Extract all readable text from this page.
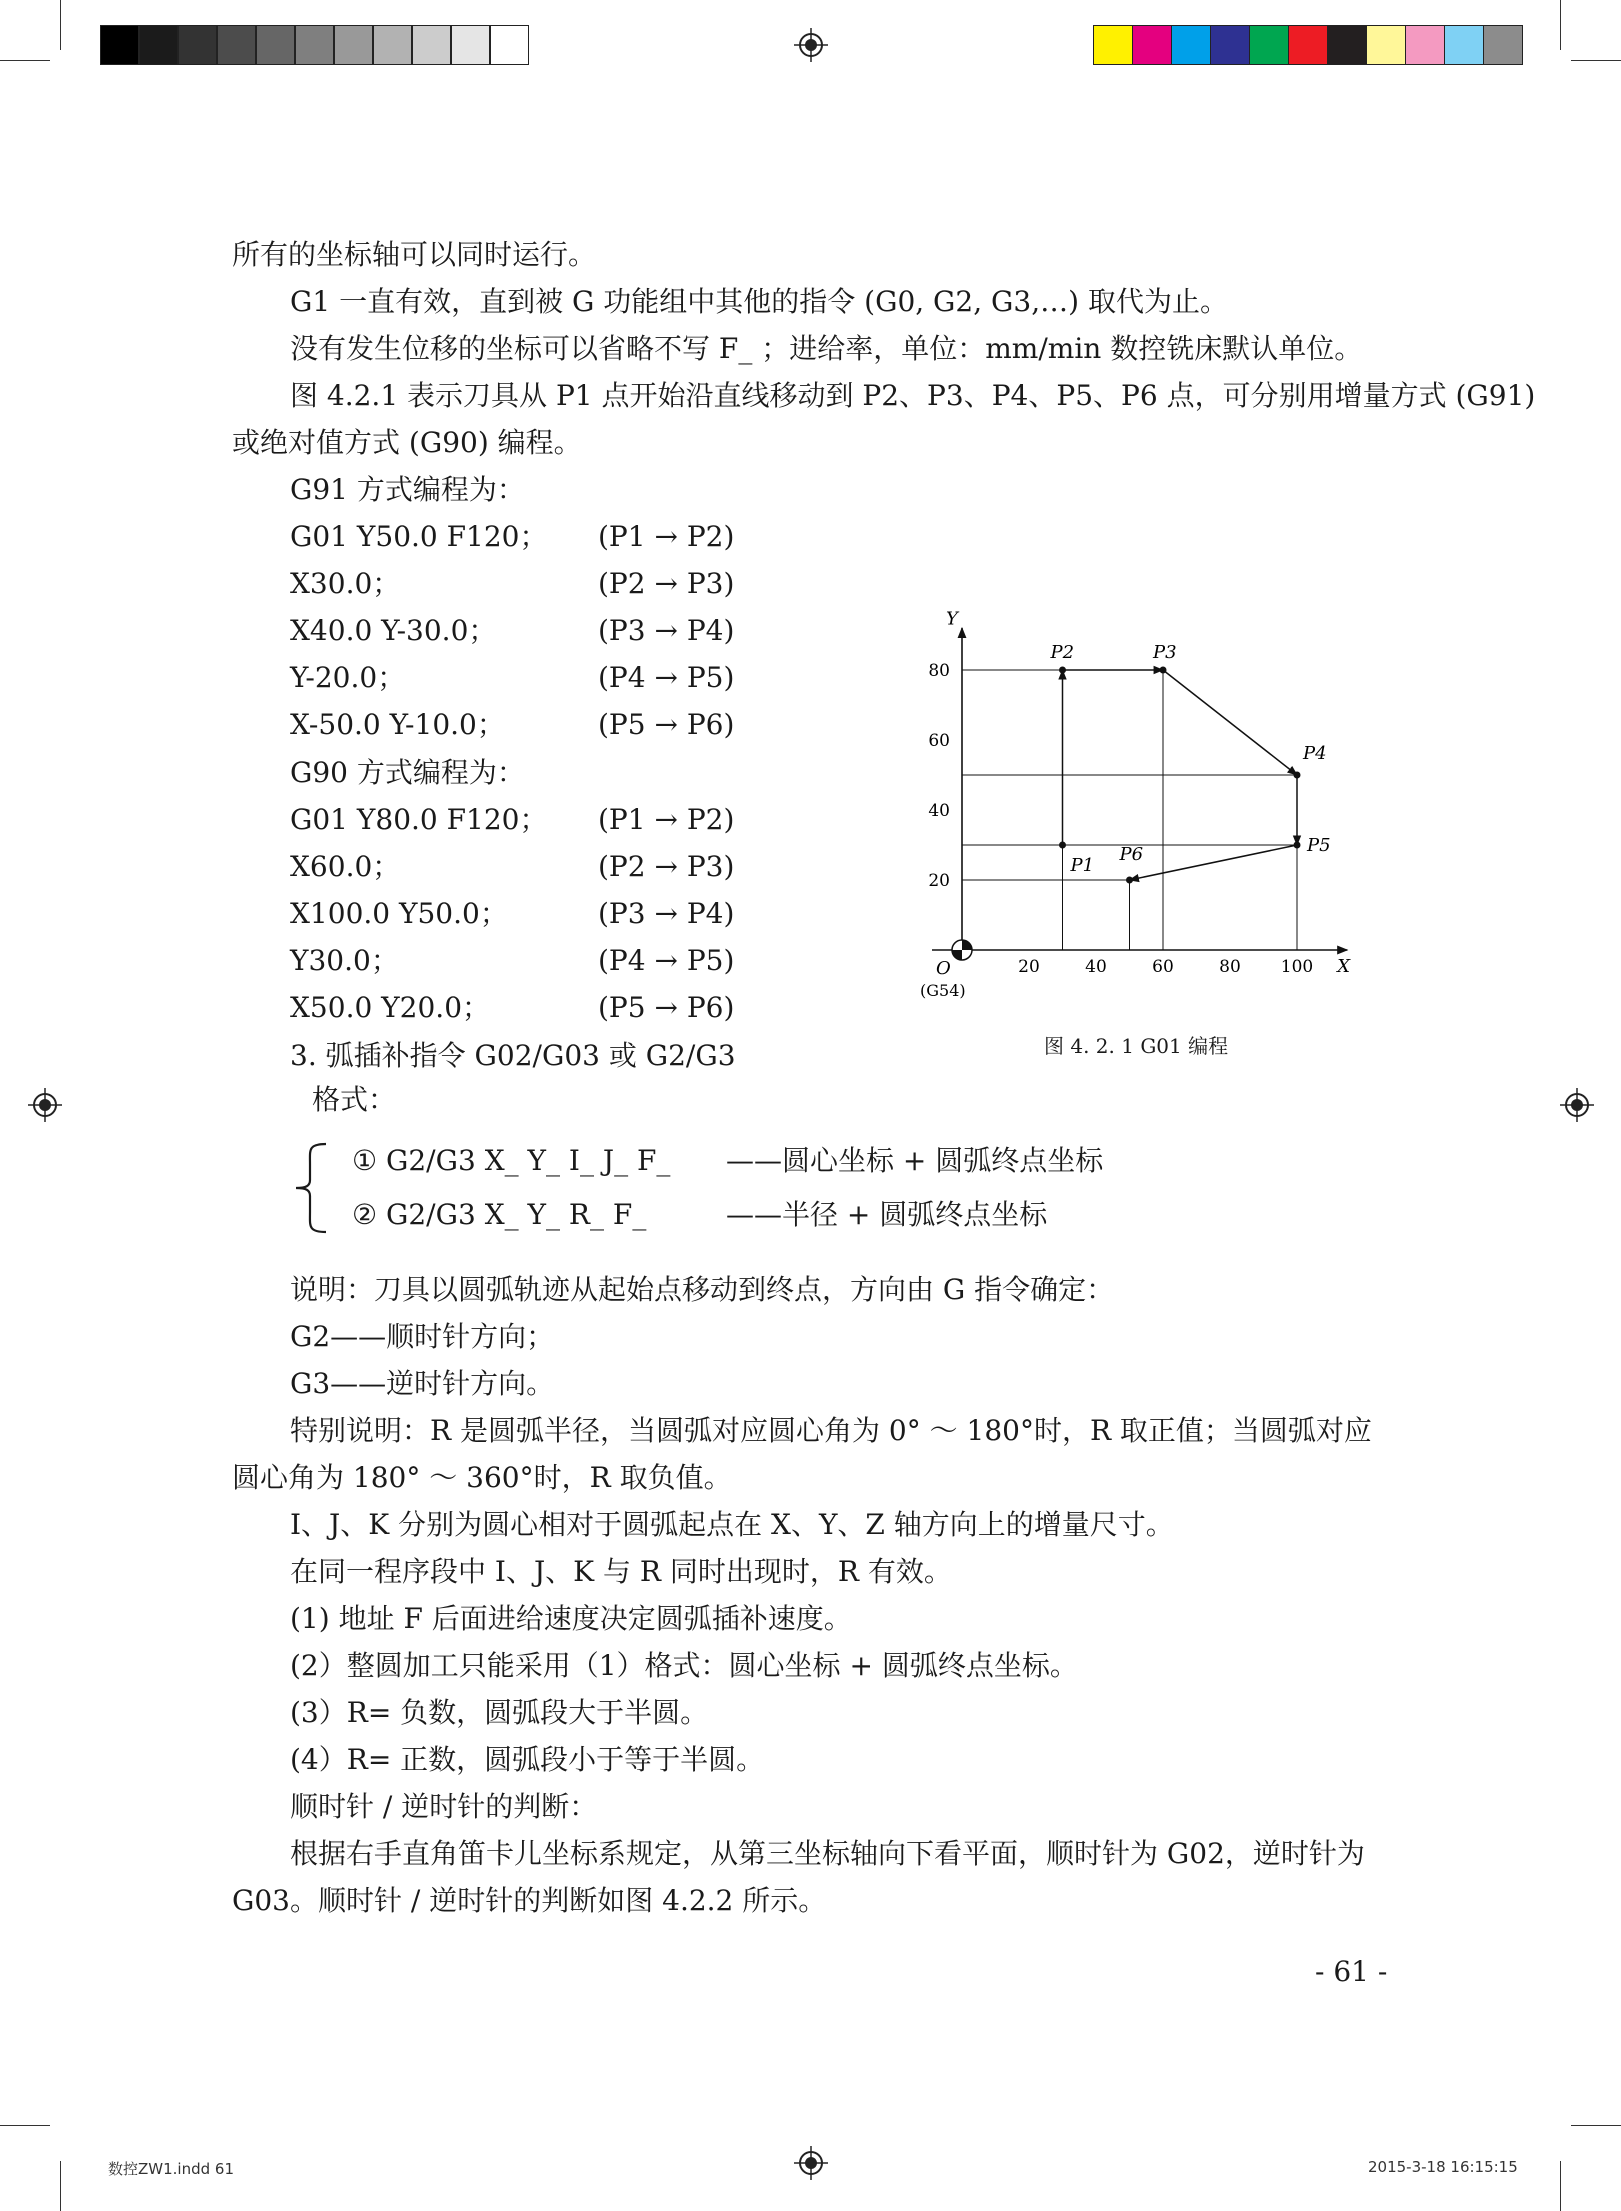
所有的坐标轴可以同时运行。
G1 一直有效，直到被 G 功能组中其他的指令 (G0, G2, G3,…) 取代为止。
没有发生位移的坐标可以省略不写 F_ ；进给率，单位：mm/min 数控铣床默认单位。
图 4.2.1 表示刀具从 P1 点开始沿直线移动到 P2、P3、P4、P5、P6 点，可分别用增量方式 (G91)
或绝对值方式 (G90) 编程。
G91 方式编程为：
G01 Y50.0 F120； (P1 → P2)
X30.0；	(P2 → P3)
X40.0 Y-30.0；	(P3 → P4)
Y-20.0；	(P4 → P5)
X-50.0 Y-10.0；	(P5 → P6)
G90 方式编程为：
G01 Y80.0 F120； (P1 → P2)
X60.0；	(P2 → P3)
X100.0 Y50.0；	(P3 → P4)
Y30.0；	(P4 → P5)
X50.0 Y20.0；	(P5 → P6)
3. 弧插补指令 G02/G03 或 G2/G3
格式：
① G2/G3 X_ Y_ I_ J_ F_ ——圆心坐标 + 圆弧终点坐标
② G2/G3 X_ Y_ R_ F_	——半径 + 圆弧终点坐标
说明：刀具以圆弧轨迹从起始点移动到终点，方向由 G 指令确定：
G2——顺时针方向；
G3——逆时针方向。
特别说明：R 是圆弧半径，当圆弧对应圆心角为 0° ～ 180°时，R 取正值；当圆弧对应
圆心角为 180° ～ 360°时，R 取负值。
I、J、K 分别为圆心相对于圆弧起点在 X、Y、Z 轴方向上的增量尺寸。
在同一程序段中 I、J、K 与 R 同时出现时，R 有效。
(1) 地址 F 后面进给速度决定圆弧插补速度。
(2）整圆加工只能采用（1）格式：圆心坐标 + 圆弧终点坐标。
(3）R= 负数，圆弧段大于半圆。
(4）R= 正数，圆弧段小于等于半圆。
顺时针 / 逆时针的判断：
根据右手直角笛卡儿坐标系规定，从第三坐标轴向下看平面，顺时针为 G02，逆时针为
G03。顺时针 / 逆时针的判断如图 4.2.2 所示。
20	40	60	80 100
20
40
60
80
X
Y
O
(G54)
P1
P2	P3
P4
P5
P6
图 4. 2. 1 G01 编程
- 61 -
数控ZW1.indd 61	2015-3-18 16:15:15
